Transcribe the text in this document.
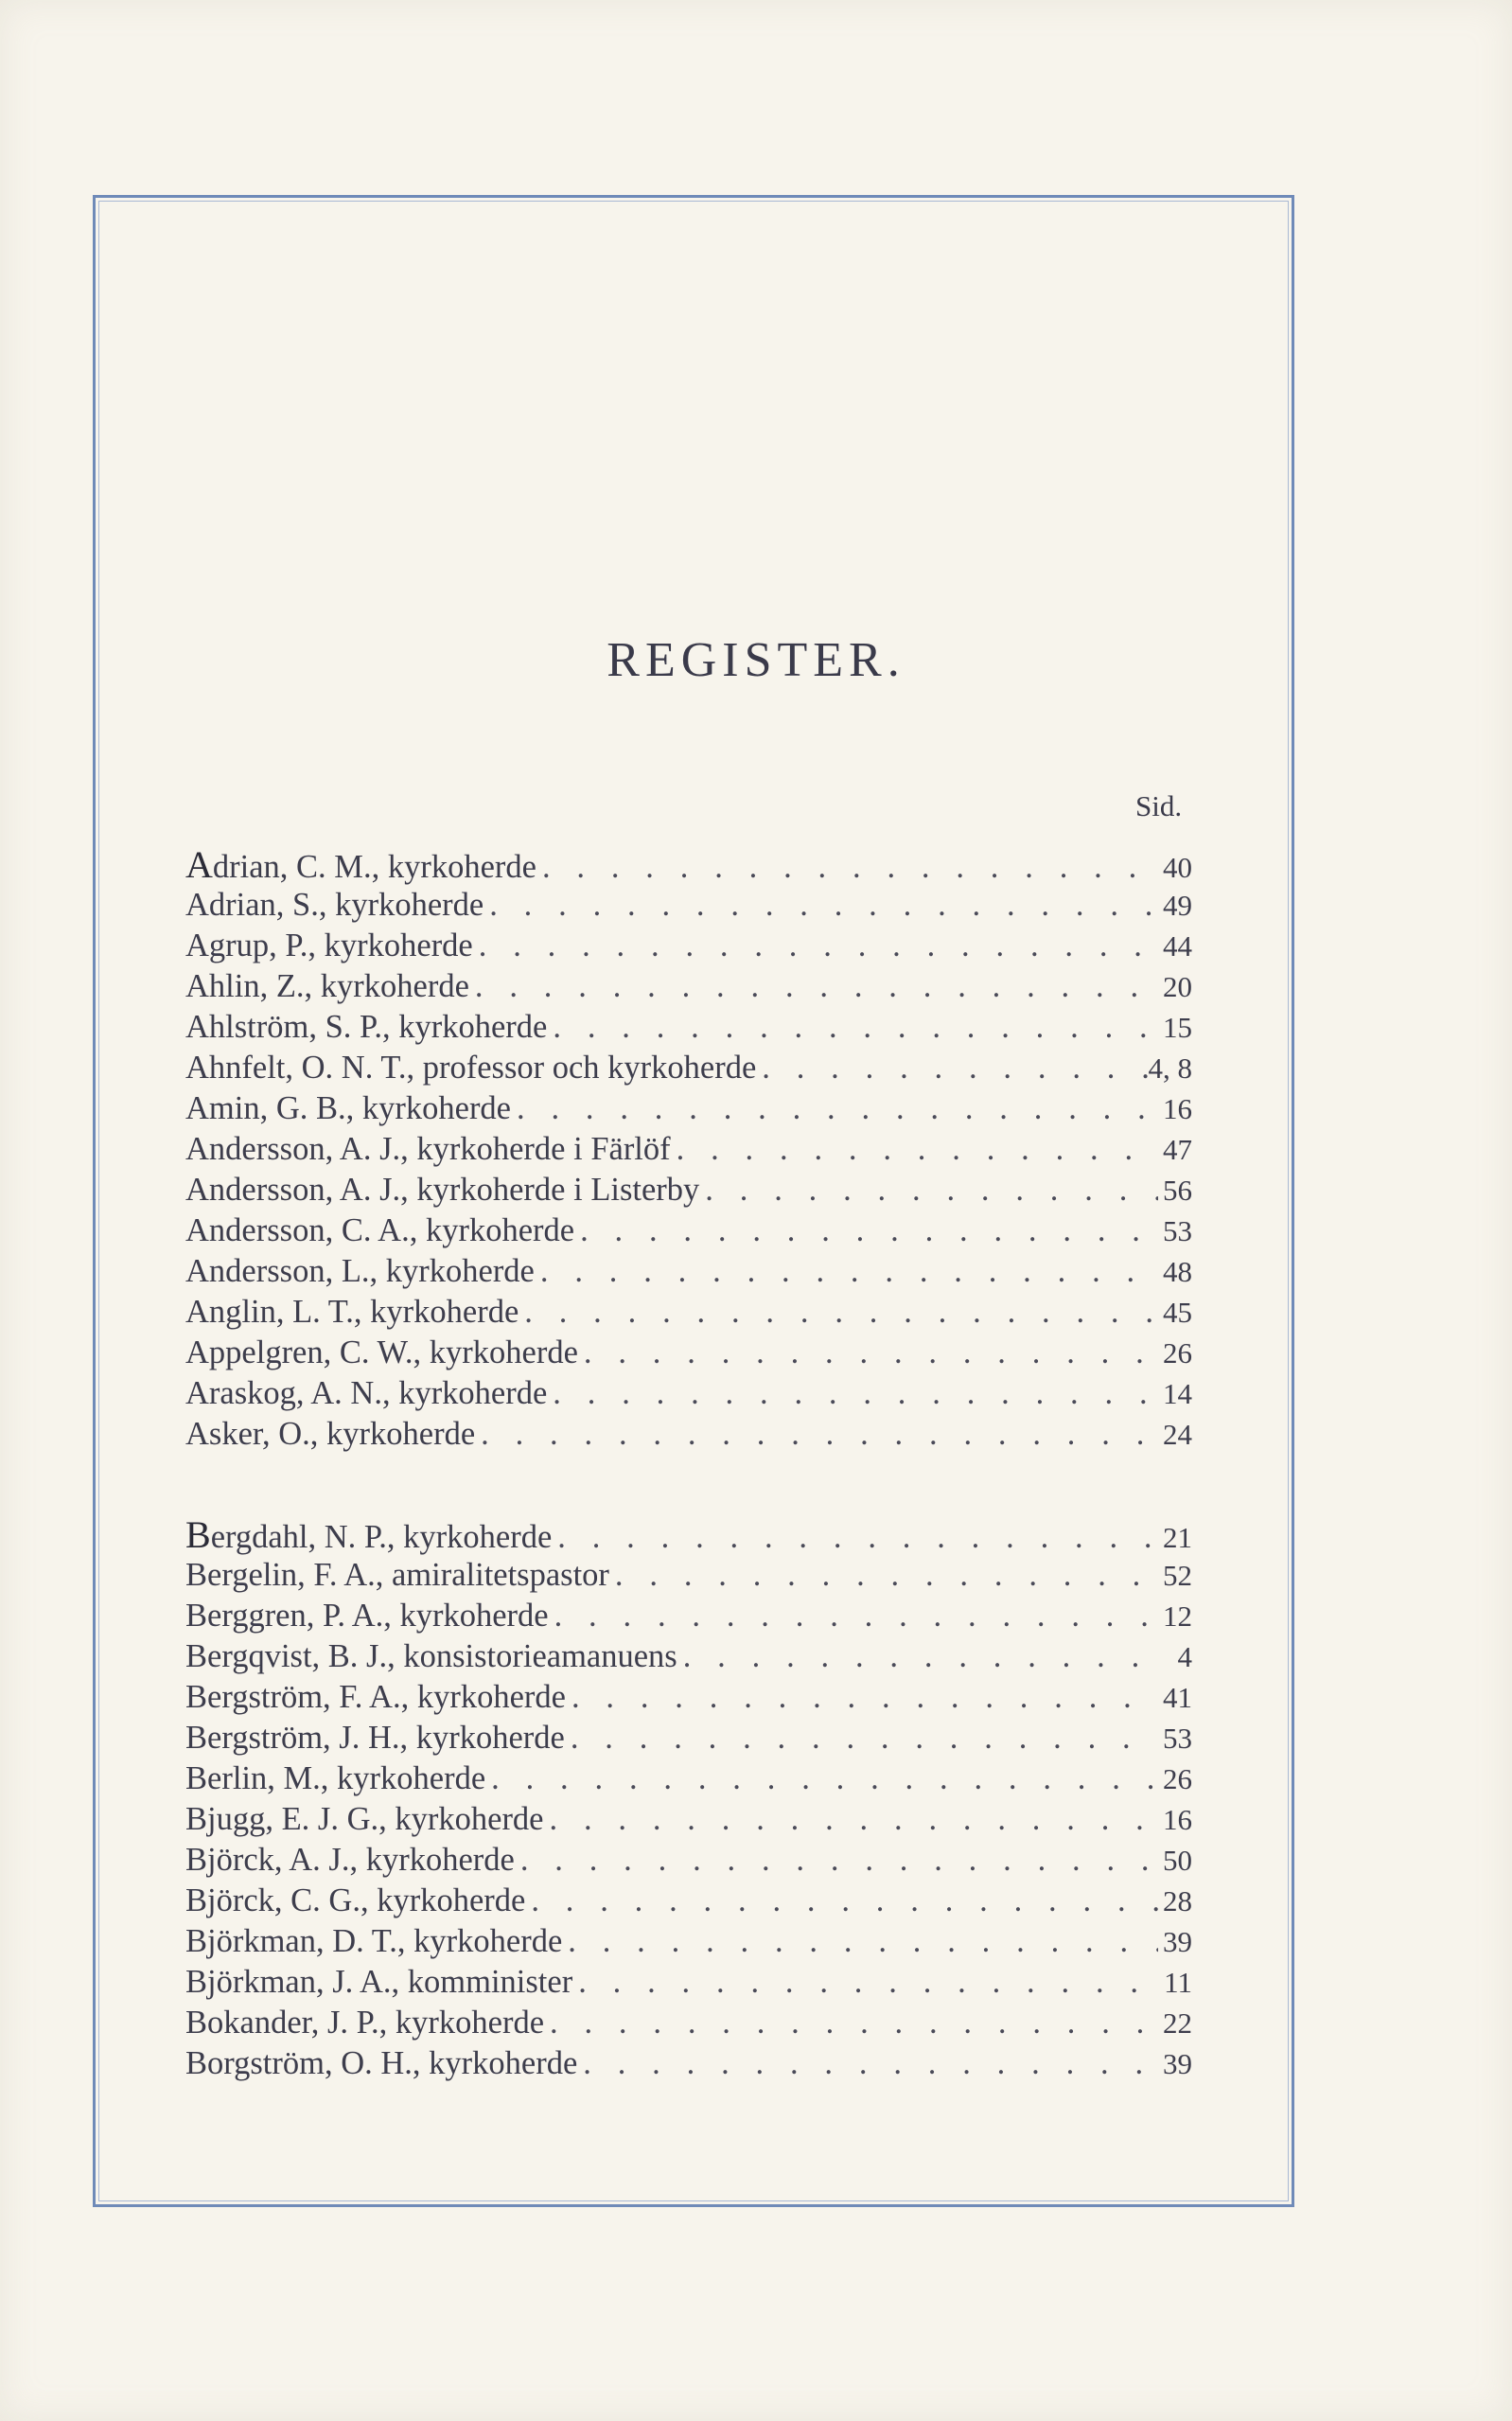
REGISTER.
Sid.
Adrian, C. M., kyrkoherde . . .	40
Adrian, S., kyrkoherde . . .	49
Agrup, P., kyrkoherde . . .	44
Ahlin, Z., kyrkoherde . . .	20
Ahlström, S. P., kyrkoherde . . .	15
Ahnfelt, O. N. T., professor och kyrkoherde . . .	4, 8
Amin, G. B., kyrkoherde . . .	16
Andersson, A. J., kyrkoherde i Färlöf . . .	47
Andersson, A. J., kyrkoherde i Listerby . . .	56
Andersson, C. A., kyrkoherde . . .	53
Andersson, L., kyrkoherde . . .	48
Anglin, L. T., kyrkoherde . . .	45
Appelgren, C. W., kyrkoherde . . .	26
Araskog, A. N., kyrkoherde . . .	14
Asker, O., kyrkoherde . . .	24
Bergdahl, N. P., kyrkoherde . . .	21
Bergelin, F. A., amiralitetspastor . . .	52
Berggren, P. A., kyrkoherde . . .	12
Bergqvist, B. J., konsistorieamanuens . . .	4
Bergström, F. A., kyrkoherde . . .	41
Bergström, J. H., kyrkoherde . . .	53
Berlin, M., kyrkoherde . . .	26
Bjugg, E. J. G., kyrkoherde . . .	16
Björck, A. J., kyrkoherde . . .	50
Björck, C. G., kyrkoherde . . .	28
Björkman, D. T., kyrkoherde . . .	39
Björkman, J. A., komminister . . .	11
Bokander, J. P., kyrkoherde . . .	22
Borgström, O. H., kyrkoherde . . .	39
